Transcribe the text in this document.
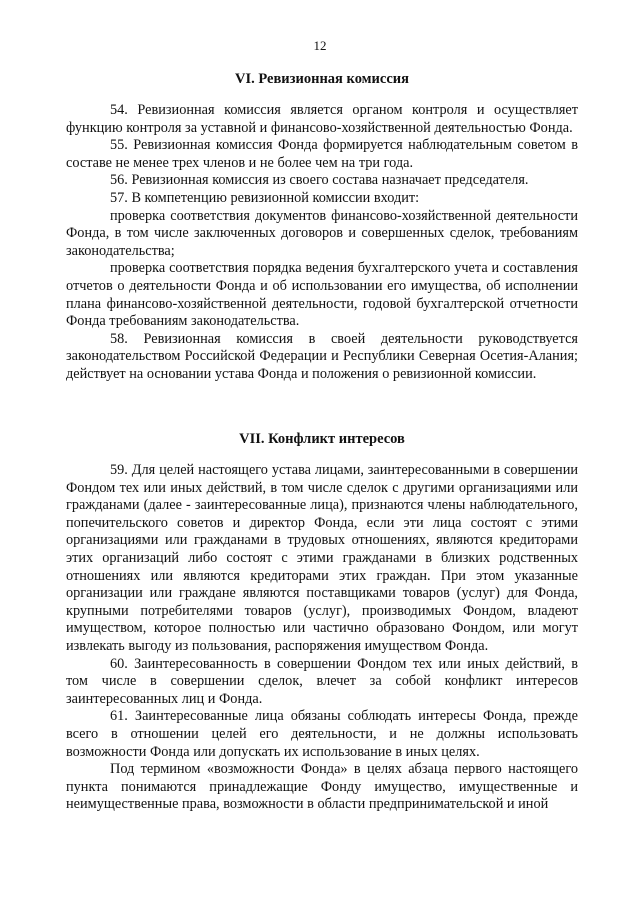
12
VI. Ревизионная комиссия

54. Ревизионная комиссия является органом контроля и осуществляет функцию контроля за уставной и финансово-хозяйственной деятельностью Фонда.

55. Ревизионная комиссия Фонда формируется наблюдательным советом в составе не менее трех членов и не более чем на три года.

56. Ревизионная комиссия из своего состава назначает председателя.

57. В компетенцию ревизионной комиссии входит:

проверка соответствия документов финансово-хозяйственной деятельности Фонда, в том числе заключенных договоров и совершенных сделок, требованиям законодательства;

проверка соответствия порядка ведения бухгалтерского учета и составления отчетов о деятельности Фонда и об использовании его имущества, об исполнении плана финансово-хозяйственной деятельности, годовой бухгалтерской отчетности Фонда требованиям законодательства.

58. Ревизионная комиссия в своей деятельности руководствуется законодательством Российской Федерации и Республики Северная Осетия-Алания; действует на основании устава Фонда и положения о ревизионной комиссии.

VII. Конфликт интересов

59. Для целей настоящего устава лицами, заинтересованными в совершении Фондом тех или иных действий, в том числе сделок с другими организациями или гражданами (далее - заинтересованные лица), признаются члены наблюдательного, попечительского советов и директор Фонда, если эти лица состоят с этими организациями или гражданами в трудовых отношениях, являются кредиторами этих организаций либо состоят с этими гражданами в близких родственных отношениях или являются кредиторами этих граждан. При этом указанные организации или граждане являются поставщиками товаров (услуг) для Фонда, крупными потребителями товаров (услуг), производимых Фондом, владеют имуществом, которое полностью или частично образовано Фондом, или могут извлекать выгоду из пользования, распоряжения имуществом Фонда.

60. Заинтересованность в совершении Фондом тех или иных действий, в том числе в совершении сделок, влечет за собой конфликт интересов заинтересованных лиц и Фонда.

61. Заинтересованные лица обязаны соблюдать интересы Фонда, прежде всего в отношении целей его деятельности, и не должны использовать возможности Фонда или допускать их использование в иных целях.

Под термином «возможности Фонда» в целях абзаца первого настоящего пункта понимаются принадлежащие Фонду имущество, имущественные и неимущественные права, возможности в области предпринимательской и иной
